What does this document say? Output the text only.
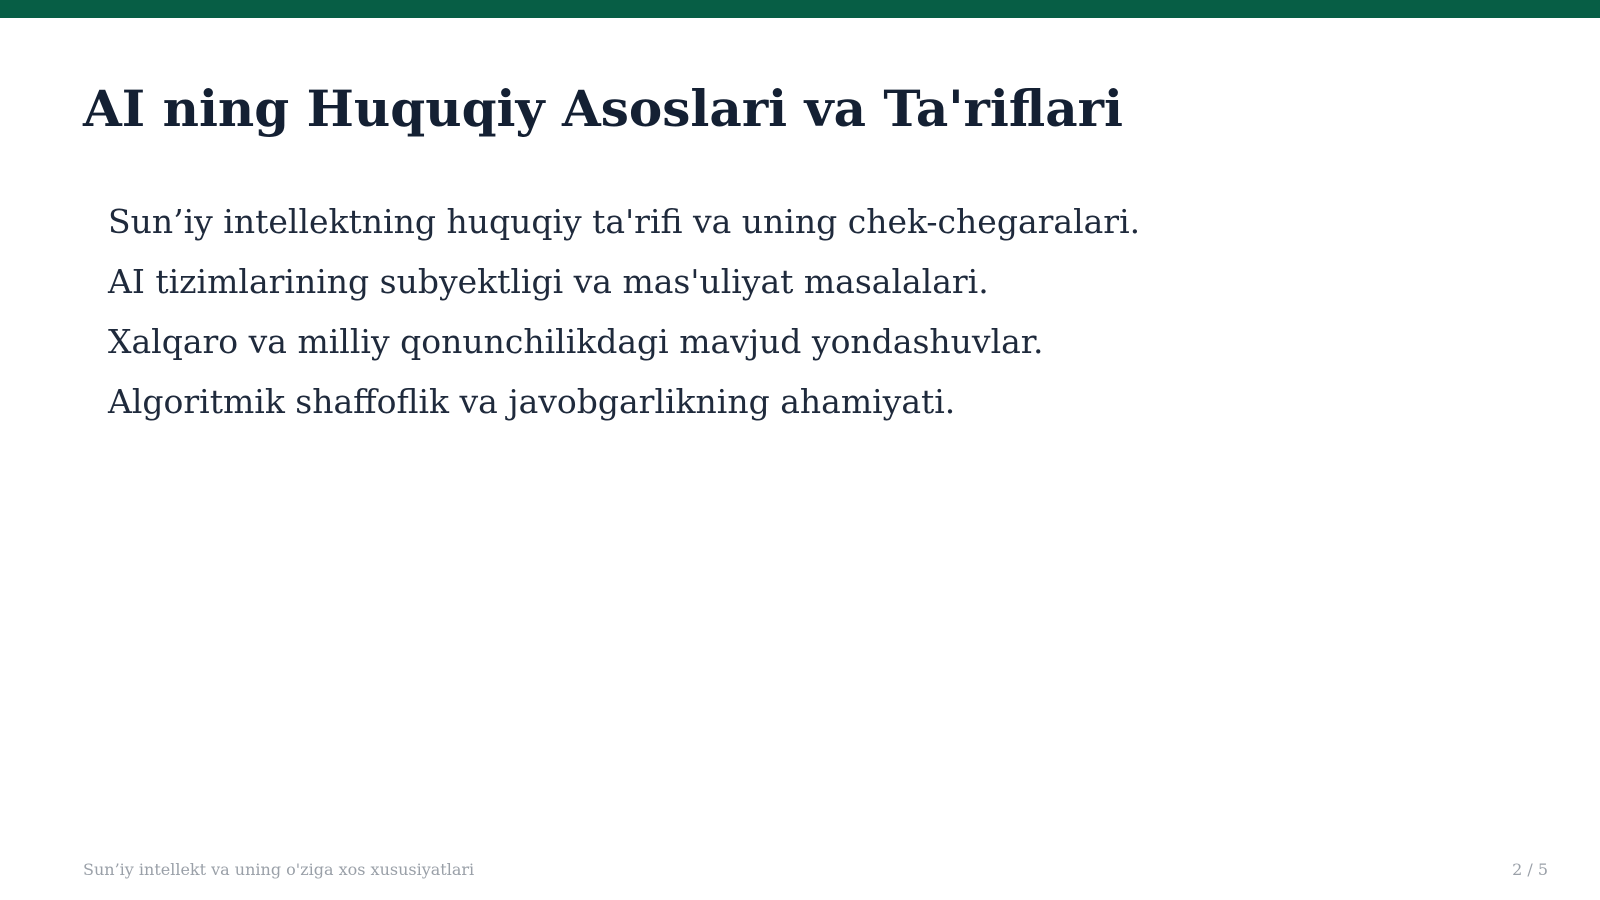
AI ning Huquqiy Asoslari va Ta'riflari
Sun’iy intellektning huquqiy ta'rifi va uning chek-chegaralari.
AI tizimlarining subyektligi va mas'uliyat masalalari.
Xalqaro va milliy qonunchilikdagi mavjud yondashuvlar.
Algoritmik shaffoflik va javobgarlikning ahamiyati.
Sun’iy intellekt va uning o'ziga xos xususiyatlari	2 / 5
